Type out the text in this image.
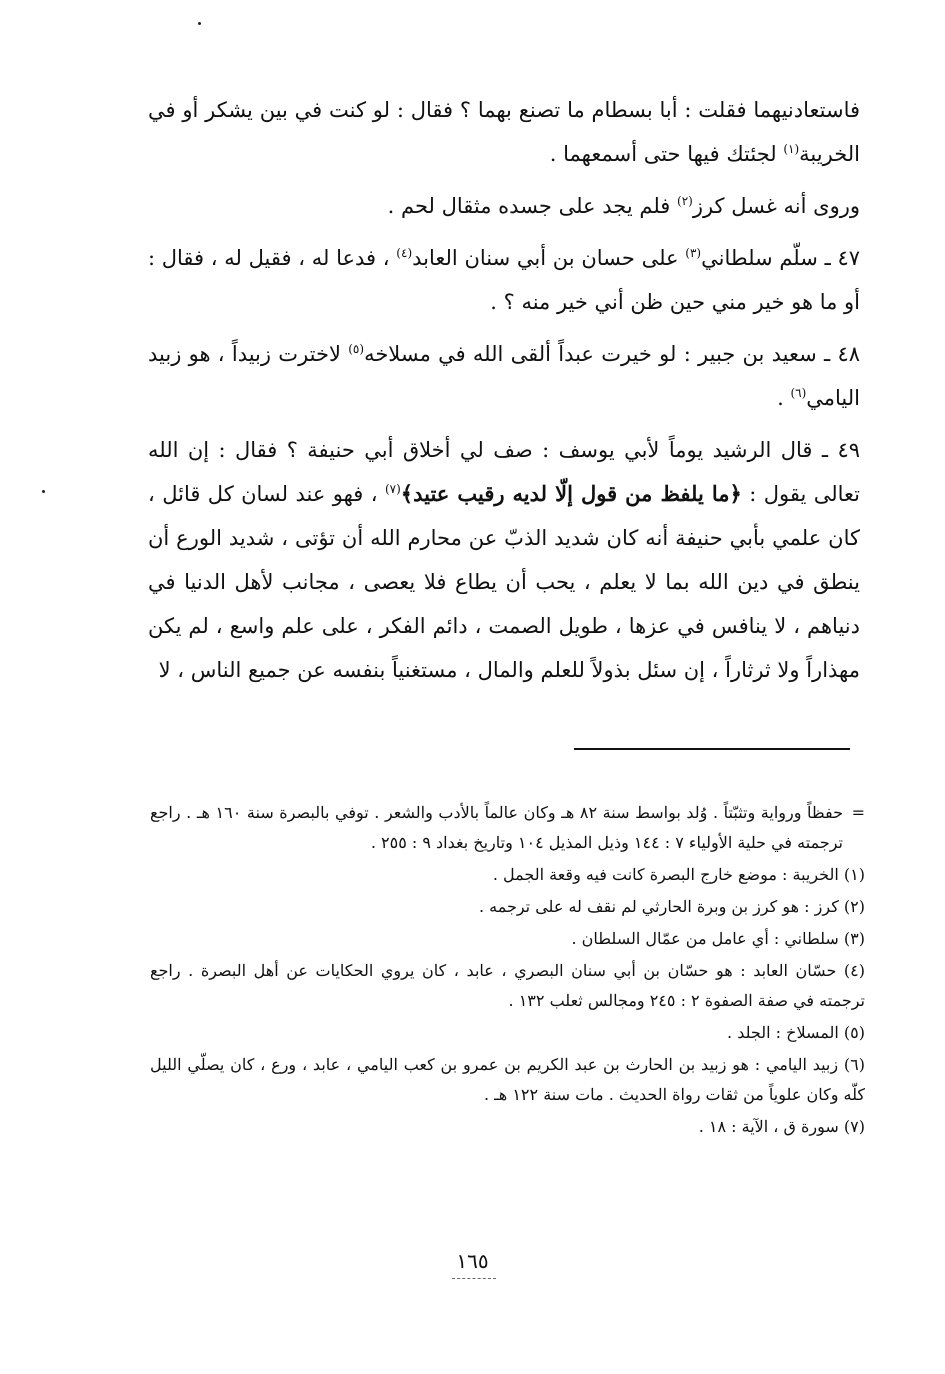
فاستعادنيهما فقلت : أبا بسطام ما تصنع بهما ؟ فقال : لو كنت في بين يشكر أو في الخريبة$^{(١)}$ لجئتك فيها حتى أسمعهما .

وروى أنه غسل كرز$^{(٢)}$ فلم يجد على جسده مثقال لحم .

٤٧ ـ سلّم سلطاني$^{(٣)}$ على حسان بن أبي سنان العابد$^{(٤)}$ ، فدعا له ، فقيل له ، فقال : أو ما هو خير مني حين ظن أني خير منه ؟ .

٤٨ ـ سعيد بن جبير : لو خيرت عبداً ألقى الله في مسلاخه$^{(٥)}$ لاخترت زبيداً ، هو زبيد اليامي$^{(٦)}$ .

٤٩ ـ قال الرشيد يوماً لأبي يوسف : صف لي أخلاق أبي حنيفة ؟ فقال : إن الله تعالى يقول : ﴿ما يلفظ من قول إلّا لديه رقيب عتيد﴾$^{(٧)}$ ، فهو عند لسان كل قائل ، كان علمي بأبي حنيفة أنه كان شديد الذبّ عن محارم الله أن تؤتى ، شديد الورع أن ينطق في دين الله بما لا يعلم ، يحب أن يطاع فلا يعصى ، مجانب لأهل الدنيا في دنياهم ، لا ينافس في عزها ، طويل الصمت ، دائم الفكر ، على علم واسع ، لم يكن مهذاراً ولا ثرثاراً ، إن سئل بذولاً للعلم والمال ، مستغنياً بنفسه عن جميع الناس ، لا

=
حفظاً ورواية وتثبّتاً . وُلد بواسط سنة ٨٢ هـ وكان عالماً بالأدب والشعر . توفي بالبصرة سنة ١٦٠ هـ . راجع ترجمته في حلية الأولياء ٧ : ١٤٤ وذيل المذيل ١٠٤ وتاريخ بغداد ٩ : ٢٥٥ .
(١) الخريبة : موضع خارج البصرة كانت فيه وقعة الجمل .
(٢) كرز : هو كرز بن وبرة الحارثي لم نقف له على ترجمه .
(٣) سلطاني : أي عامل من عمّال السلطان .
(٤) حسّان العابد : هو حسّان بن أبي سنان البصري ، عابد ، كان يروي الحكايات عن أهل البصرة . راجع ترجمته في صفة الصفوة ٢ : ٢٤٥ ومجالس ثعلب ١٣٢ .
(٥) المسلاخ : الجلد .
(٦) زبيد اليامي : هو زبيد بن الحارث بن عبد الكريم بن عمرو بن كعب اليامي ، عابد ، ورع ، كان يصلّي الليل كلّه وكان علوياً من ثقات رواة الحديث . مات سنة ١٢٢ هـ .
(٧) سورة ق ، الآية : ١٨ .
١٦٥
